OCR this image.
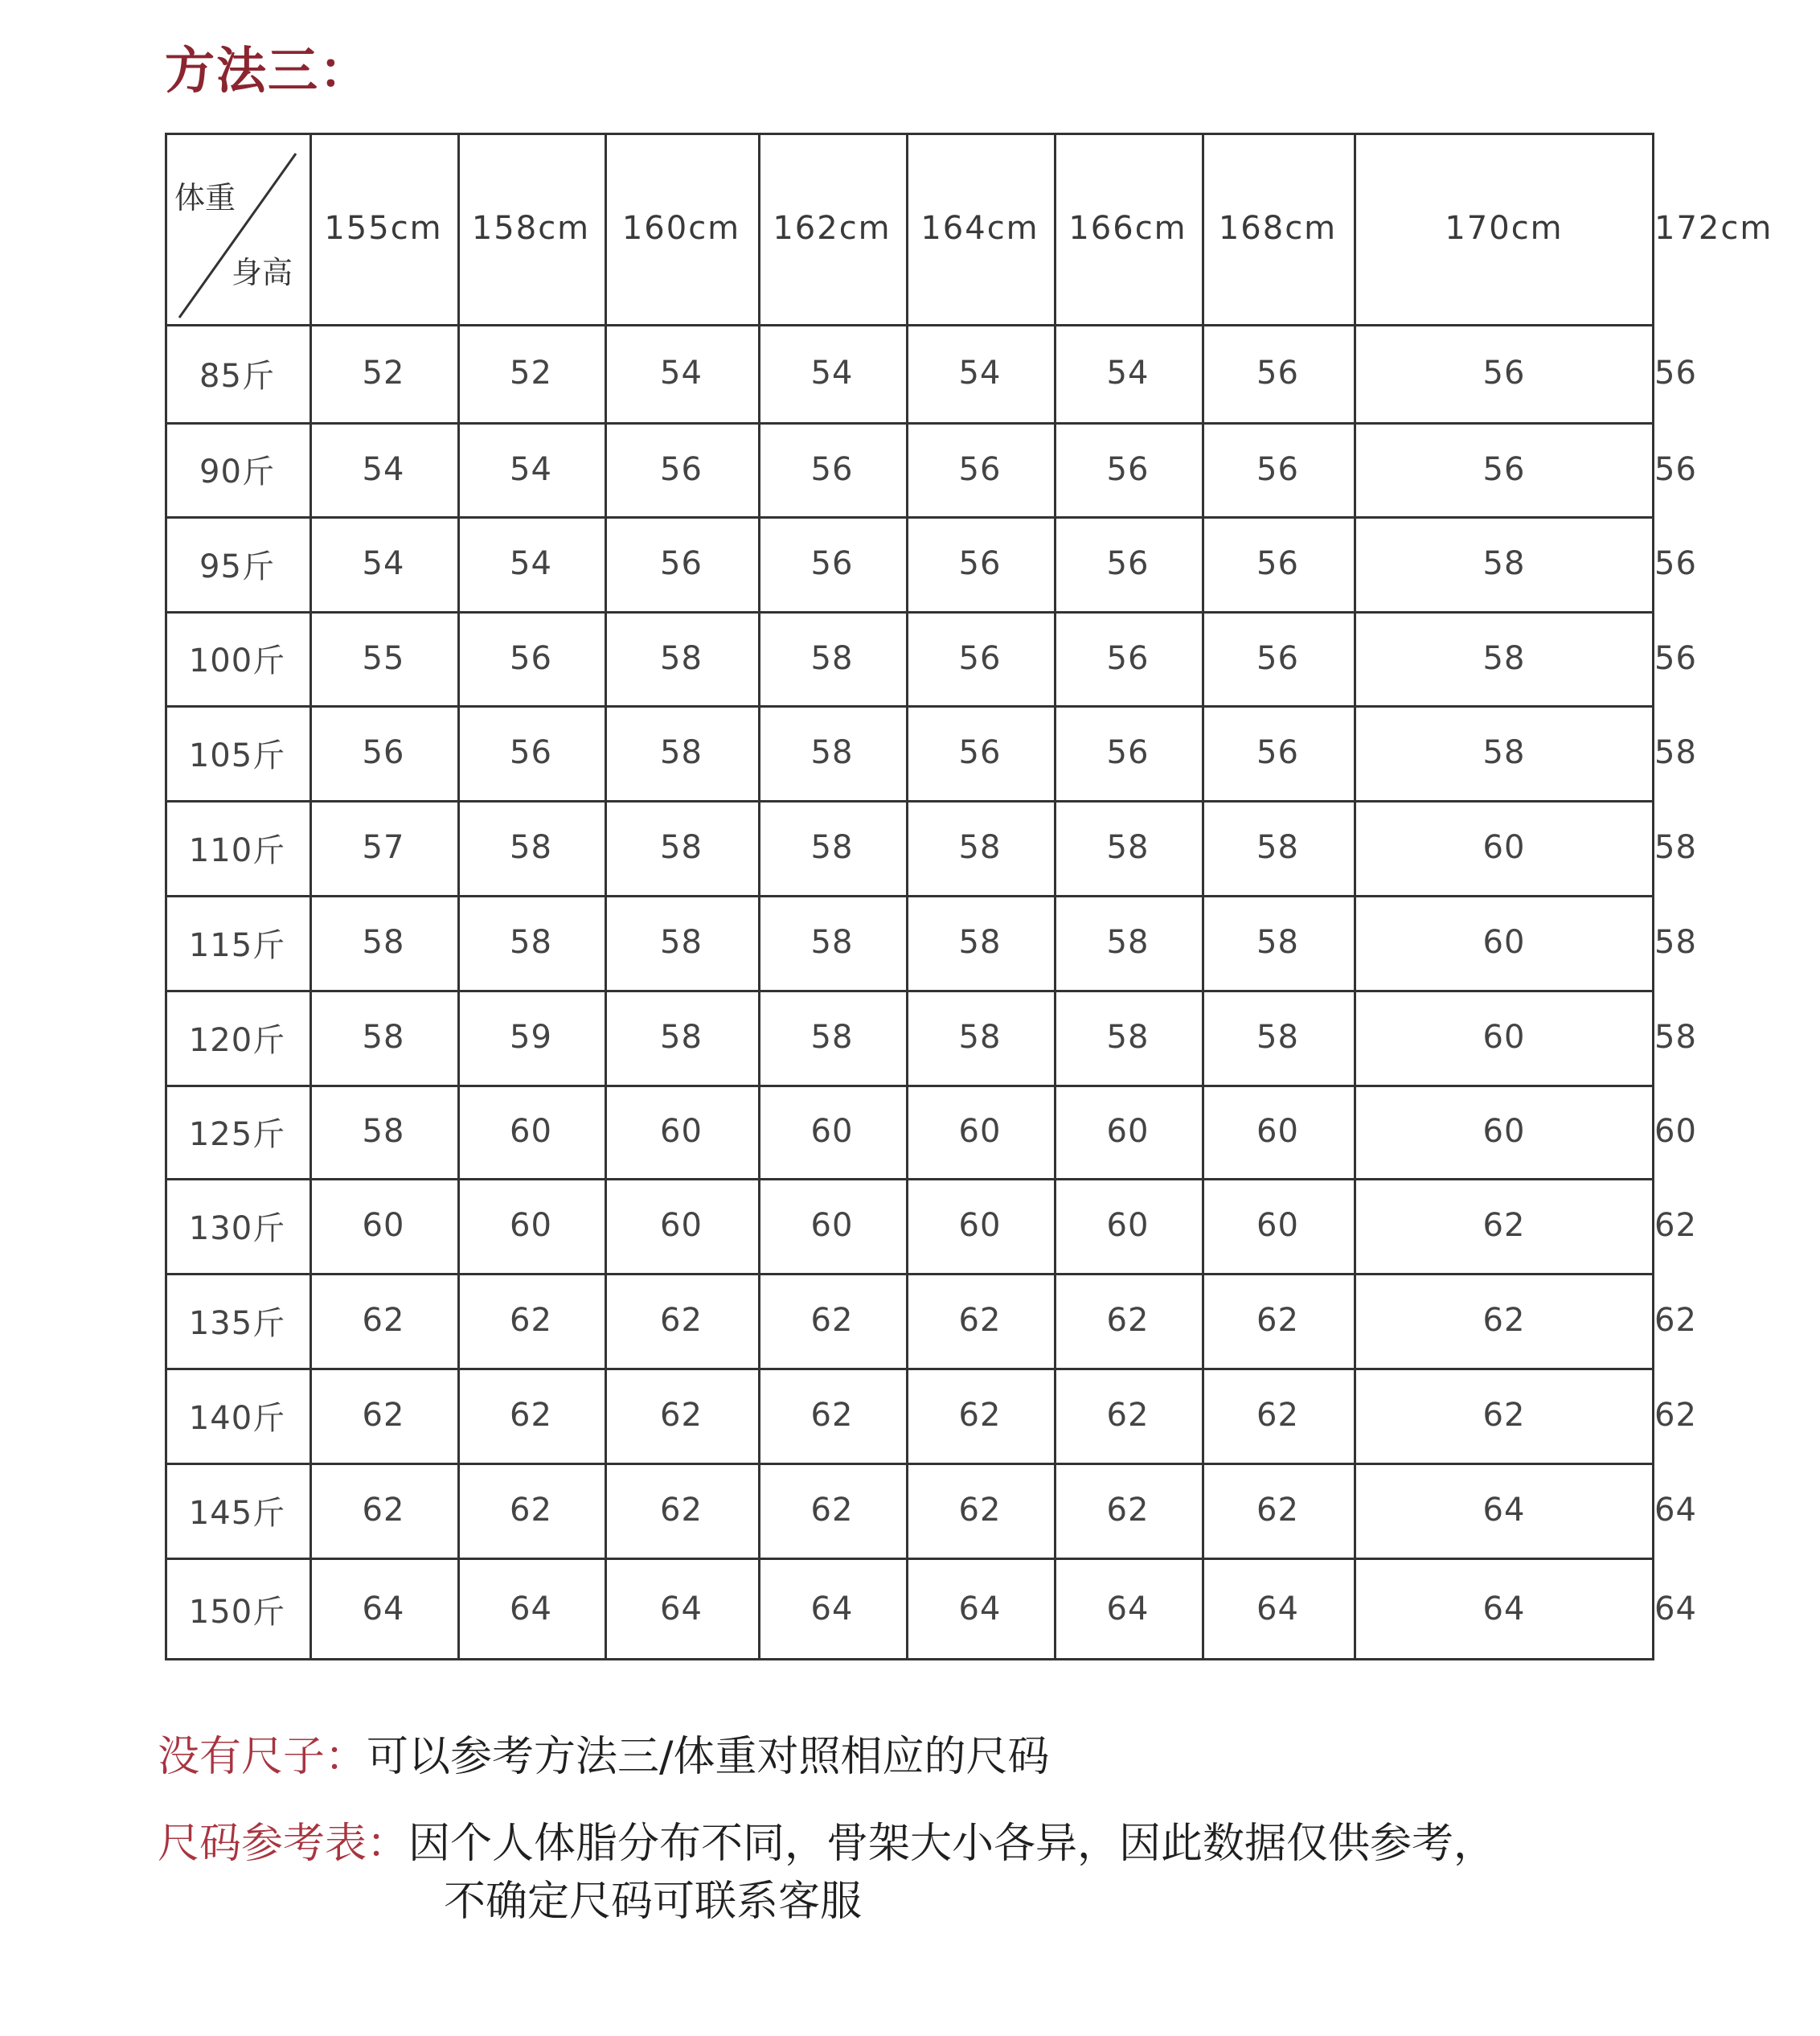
方法三：
体重
身高
155cm 158cm 160cm	162cm 164cm 166cm 168cm	170cm	172cm
85斤	52	52	54	54	54	54	56	56	56
90斤	54	54	56	56	56	56	56	56	56
95斤	54	54	56	56	56	56	56	58	56
100斤	55	56	58	58	56	56	56	58	56
105斤	56	56	58	58	56	56	56	58	58
110斤	57	58	58	58	58	58	58	60	58
115斤	58	58	58	58	58	58	58	60	58
120斤	58	59	58	58	58	58	58	60	58
125斤	58	60	60	60	60	60	60	60	60
130斤	60	60	60	60	60	60	60	62	62
135斤	62	62	62	62	62	62	62	62	62
140斤	62	62	62	62	62	62	62	62	62
145斤	62	62	62	62	62	62	62	64	64
150斤	64	64	64	64	64	64	64	64	64
没有尺子：可以参考方法三/体重对照相应的尺码
尺码参考表：因个人体脂分布不同，骨架大小各异，因此数据仅供参考，
不确定尺码可联系客服
